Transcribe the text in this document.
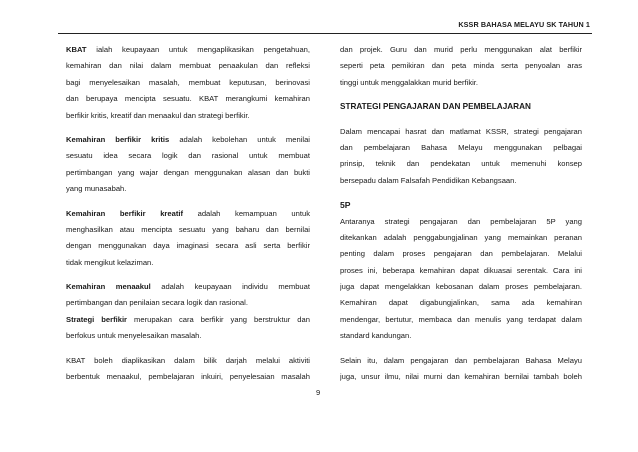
KSSR BAHASA MELAYU SK TAHUN 1
KBAT ialah keupayaan untuk mengaplikasikan pengetahuan,
kemahiran dan nilai dalam membuat penaakulan dan refleksi
bagi menyelesaikan masalah, membuat keputusan, berinovasi
dan berupaya mencipta sesuatu. KBAT merangkumi kemahiran
berfikir kritis, kreatif dan menaakul dan strategi berfikir.
Kemahiran berfikir kritis adalah kebolehan untuk menilai
sesuatu idea secara logik dan rasional untuk membuat
pertimbangan yang wajar dengan menggunakan alasan dan bukti
yang munasabah.
Kemahiran berfikir kreatif adalah kemampuan untuk
menghasilkan atau mencipta sesuatu yang baharu dan bernilai
dengan menggunakan daya imaginasi secara asli serta berfikir
tidak mengikut kelaziman.
Kemahiran menaakul adalah keupayaan individu membuat
pertimbangan dan penilaian secara logik dan rasional.
Strategi berfikir merupakan cara berfikir yang berstruktur dan
berfokus untuk menyelesaikan masalah.
KBAT boleh diaplikasikan dalam bilik darjah melalui aktiviti
berbentuk menaakul, pembelajaran inkuiri, penyelesaian masalah
dan projek. Guru dan murid perlu menggunakan alat berfikir
seperti peta pemikiran dan peta minda serta penyoalan aras
tinggi untuk menggalakkan murid berfikir.
STRATEGI PENGAJARAN DAN PEMBELAJARAN
Dalam mencapai hasrat dan matlamat KSSR, strategi pengajaran
dan pembelajaran Bahasa Melayu menggunakan pelbagai
prinsip, teknik dan pendekatan untuk memenuhi konsep
bersepadu dalam Falsafah Pendidikan Kebangsaan.
5P
Antaranya strategi pengajaran dan pembelajaran 5P yang
ditekankan adalah penggabungjalinan yang memainkan peranan
penting dalam proses pengajaran dan pembelajaran. Melalui
proses ini, beberapa kemahiran dapat dikuasai serentak. Cara ini
juga dapat mengelakkan kebosanan dalam proses pembelajaran.
Kemahiran dapat digabungjalinkan, sama ada kemahiran
mendengar, bertutur, membaca dan menulis yang terdapat dalam
standard kandungan.
Selain itu, dalam pengajaran dan pembelajaran Bahasa Melayu
juga, unsur ilmu, nilai murni dan kemahiran bernilai tambah boleh
9
